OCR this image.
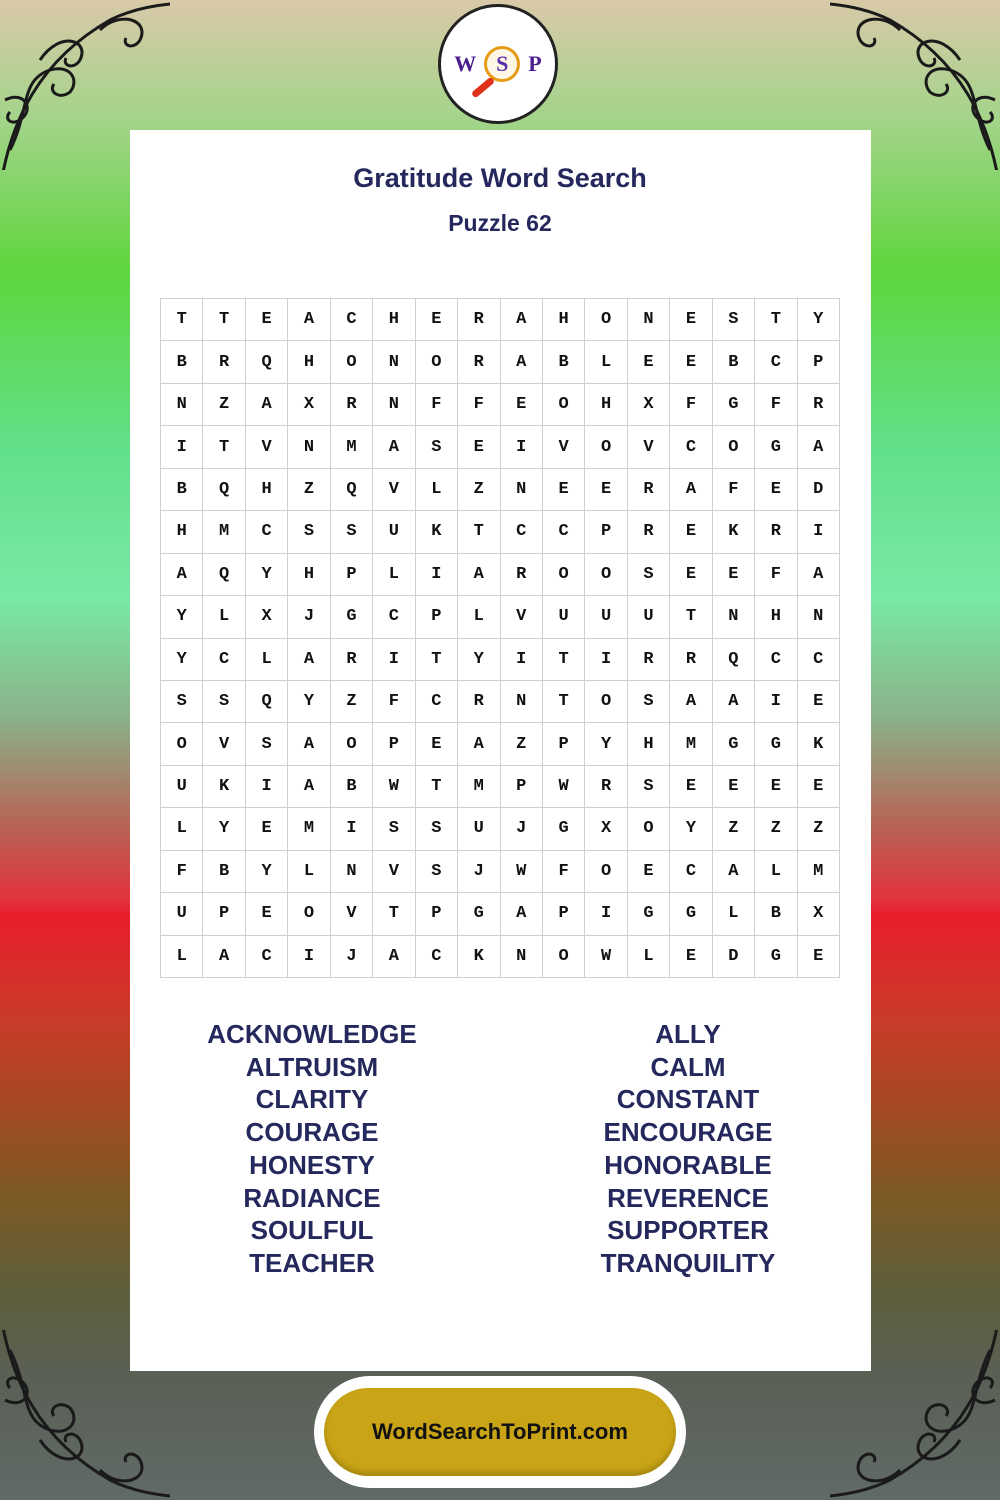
W S P
Gratitude Word Search
Puzzle 62
T	T	E	A	C	H	E	R	A	H	O	N	E	S	T	Y
B	R	Q	H	O	N	O	R	A	B	L	E	E	B	C	P
N	Z	A	X	R	N	F	F	E	O	H	X	F	G	F	R
I	T	V	N	M	A	S	E	I	V	O	V	C	O	G	A
B	Q	H	Z	Q	V	L	Z	N	E	E	R	A	F	E	D
H	M	C	S	S	U	K	T	C	C	P	R	E	K	R	I
A	Q	Y	H	P	L	I	A	R	O	O	S	E	E	F	A
Y	L	X	J	G	C	P	L	V	U	U	U	T	N	H	N
Y	C	L	A	R	I	T	Y	I	T	I	R	R	Q	C	C
S	S	Q	Y	Z	F	C	R	N	T	O	S	A	A	I	E
O	V	S	A	O	P	E	A	Z	P	Y	H	M	G	G	K
U	K	I	A	B	W	T	M	P	W	R	S	E	E	E	E
L	Y	E	M	I	S	S	U	J	G	X	O	Y	Z	Z	Z
F	B	Y	L	N	V	S	J	W	F	O	E	C	A	L	M
U	P	E	O	V	T	P	G	A	P	I	G	G	L	B	X
L	A	C	I	J	A	C	K	N	O	W	L	E	D	G	E
ACKNOWLEDGE
ALTRUISM
CLARITY
COURAGE
HONESTY
RADIANCE
SOULFUL
TEACHER
ALLY
CALM
CONSTANT
ENCOURAGE
HONORABLE
REVERENCE
SUPPORTER
TRANQUILITY
WordSearchToPrint.com
